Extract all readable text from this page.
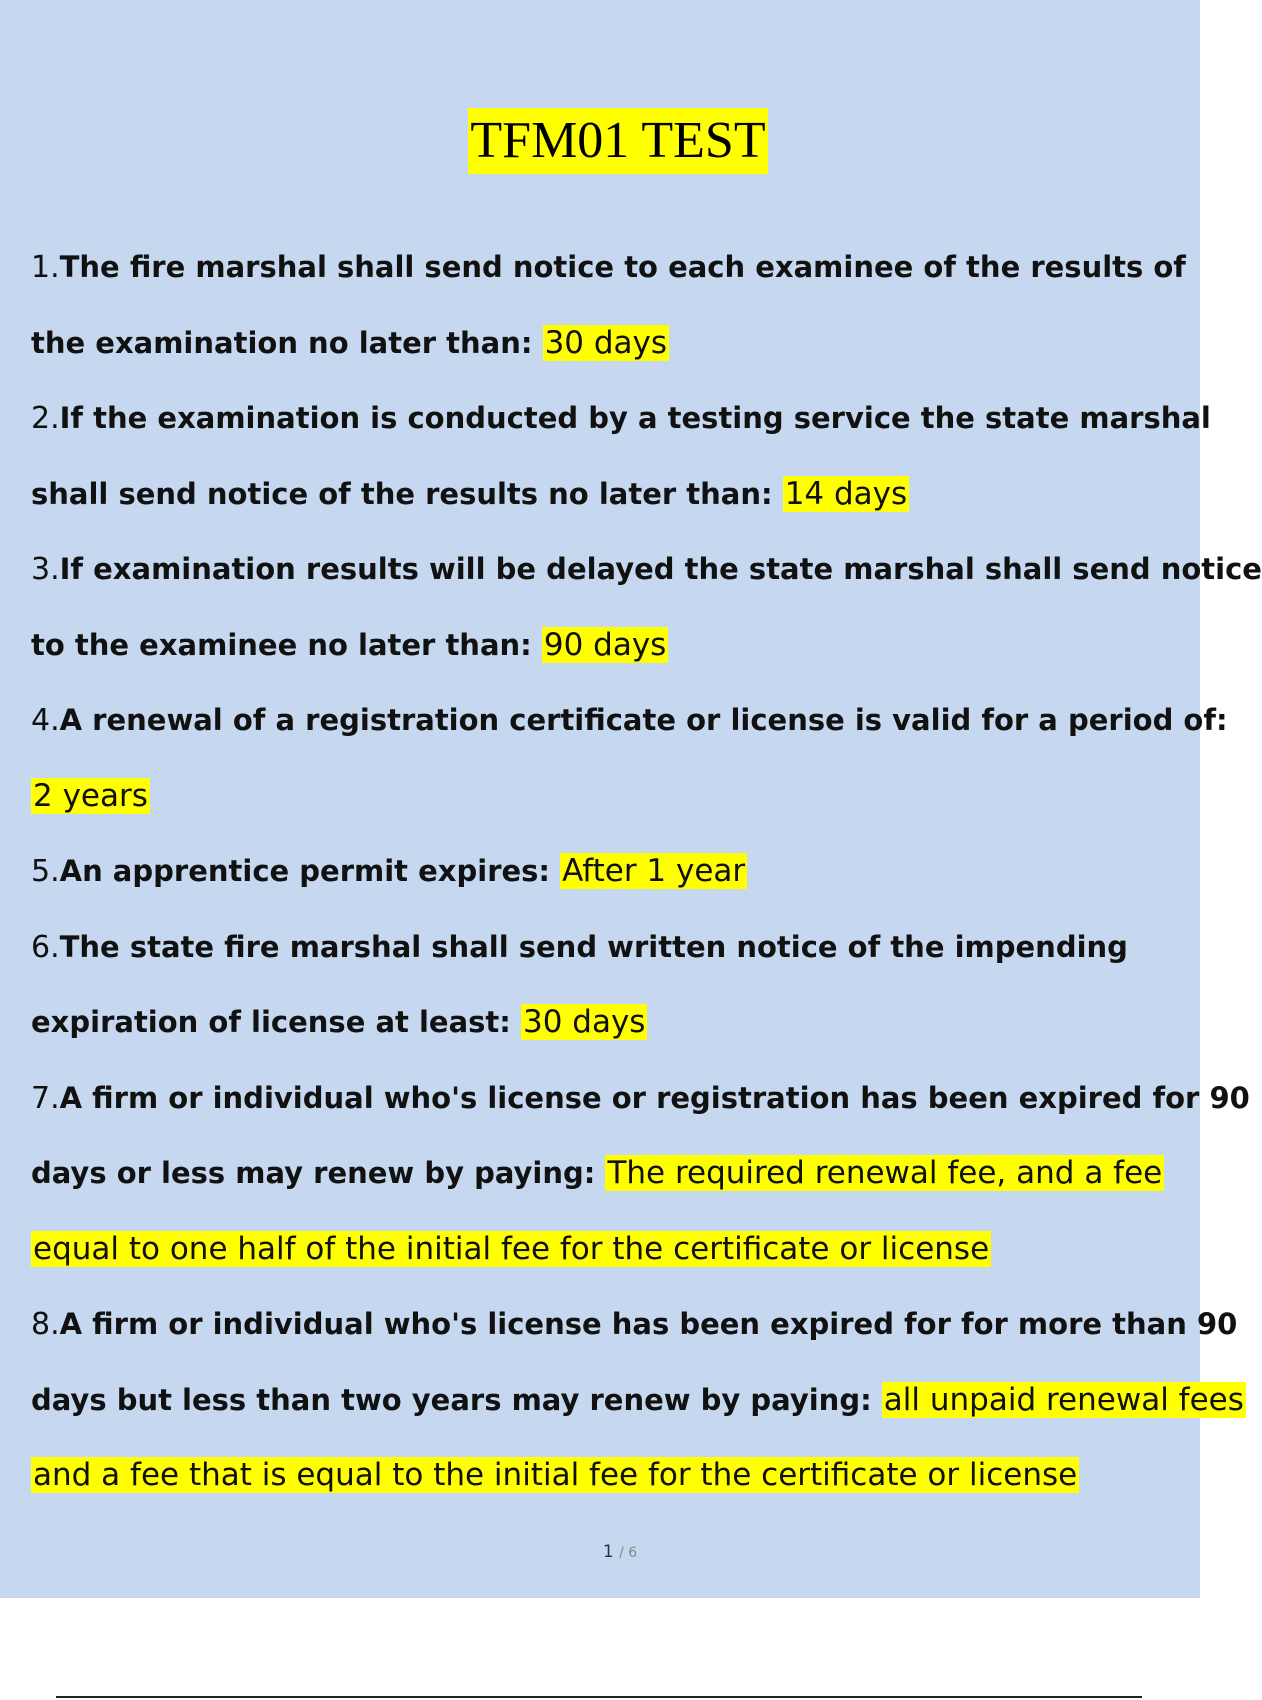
TFM01 TEST
1.The fire marshal shall send notice to each examinee of the results of
the examination no later than: 30 days
2.If the examination is conducted by a testing service the state marshal
shall send notice of the results no later than: 14 days
3.If examination results will be delayed the state marshal shall send notice
to the examinee no later than: 90 days
4.A renewal of a registration certificate or license is valid for a period of:
2 years
5.An apprentice permit expires: After 1 year
6.The state fire marshal shall send written notice of the impending
expiration of license at least: 30 days
7.A firm or individual who's license or registration has been expired for 90
days or less may renew by paying: The required renewal fee, and a fee
equal to one half of the initial fee for the certificate or license
8.A firm or individual who's license has been expired for for more than 90
days but less than two years may renew by paying: all unpaid renewal fees
and a fee that is equal to the initial fee for the certificate or license
1 / 6
